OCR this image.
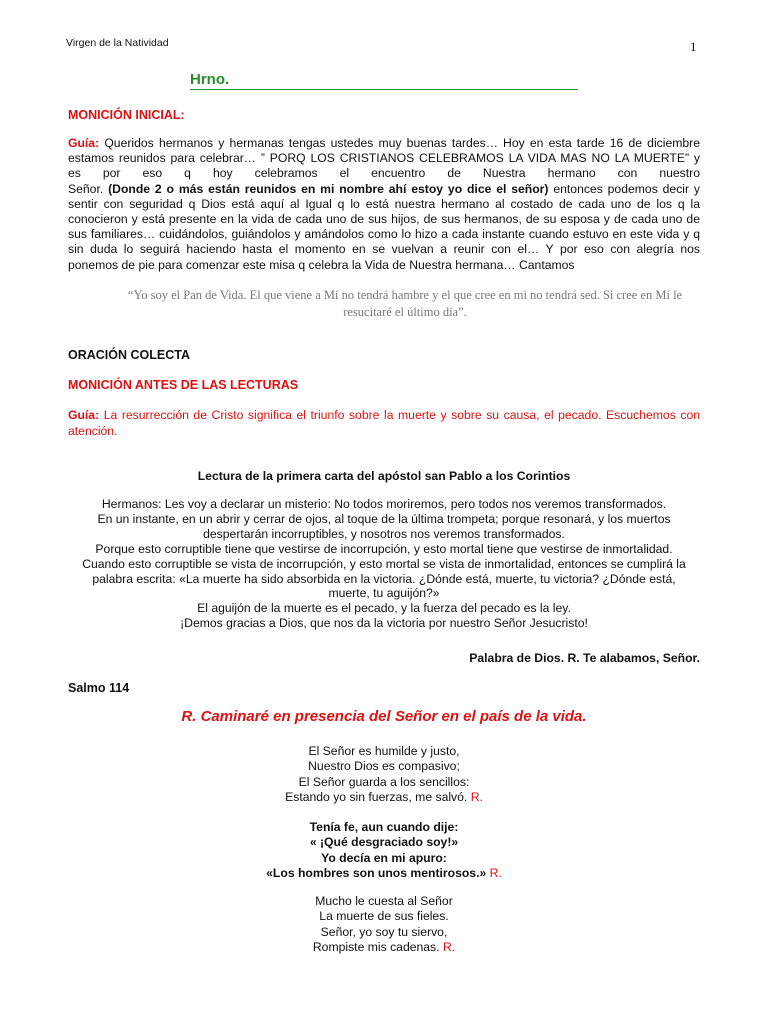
Virgen de la Natividad	1
Hrno.
MONICIÓN INICIAL:
Guía: Queridos hermanos y hermanas tengas ustedes muy buenas tardes… Hoy en esta tarde 16 de diciembre
estamos reunidos para celebrar… ” PORQ LOS CRISTIANOS CELEBRAMOS LA VIDA MAS NO LA MUERTE” y
es por eso q hoy celebramos el encuentro de Nuestra hermano con nuestro
Señor. (Donde 2 o más están reunidos en mi nombre ahí estoy yo dice el señor) entonces podemos decir y
sentir con seguridad q Dios está aquí al Igual q lo está nuestra hermano al costado de cada uno de los q la
conocieron y está presente en la vida de cada uno de sus hijos, de sus hermanos, de su esposa y de cada uno de
sus familiares… cuidándolos, guiándolos y amándolos como lo hizo a cada instante cuando estuvo en este vida y q
sin duda lo seguirá haciendo hasta el momento en se vuelvan a reunir con el… Y por eso con alegría nos
ponemos de pie para comenzar este misa q celebra la Vida de Nuestra hermana… Cantamos
“Yo soy el Pan de Vida. El que viene a Mí no tendrá hambre y el que cree en mi no tendrá sed. Si cree en Mí le resucitaré el último día”.
ORACIÓN COLECTA
MONICIÓN ANTES DE LAS LECTURAS
Guía: La resurrección de Cristo significa el triunfo sobre la muerte y sobre su causa, el pecado. Escuchemos con atención.
Lectura de la primera carta del apóstol san Pablo a los Corintios
Hermanos: Les voy a declarar un misterio: No todos moriremos, pero todos nos veremos transformados.
En un instante, en un abrir y cerrar de ojos, al toque de la última trompeta; porque resonará, y los muertos
despertarán incorruptibles, y nosotros nos veremos transformados.
Porque esto corruptible tiene que vestirse de incorrupción, y esto mortal tiene que vestirse de inmortalidad.
Cuando esto corruptible se vista de incorrupción, y esto mortal se vista de inmortalidad, entonces se cumplirá la
palabra escrita: «La muerte ha sido absorbida en la victoria. ¿Dónde está, muerte, tu victoria? ¿Dónde está,
muerte, tu aguijón?»
El aguijón de la muerte es el pecado, y la fuerza del pecado es la ley.
¡Demos gracias a Dios, que nos da la victoria por nuestro Señor Jesucristo!
Palabra de Dios. R. Te alabamos, Señor.
Salmo 114
R. Caminaré en presencia del Señor en el país de la vida.
El Señor es humilde y justo,
Nuestro Dios es compasivo;
El Señor guarda a los sencillos:
Estando yo sin fuerzas, me salvó. R.
Tenía fe, aun cuando dije:
« ¡Qué desgraciado soy!»
Yo decía en mi apuro:
«Los hombres son unos mentirosos.» R.
Mucho le cuesta al Señor
La muerte de sus fieles.
Señor, yo soy tu siervo,
Rompiste mis cadenas. R.
